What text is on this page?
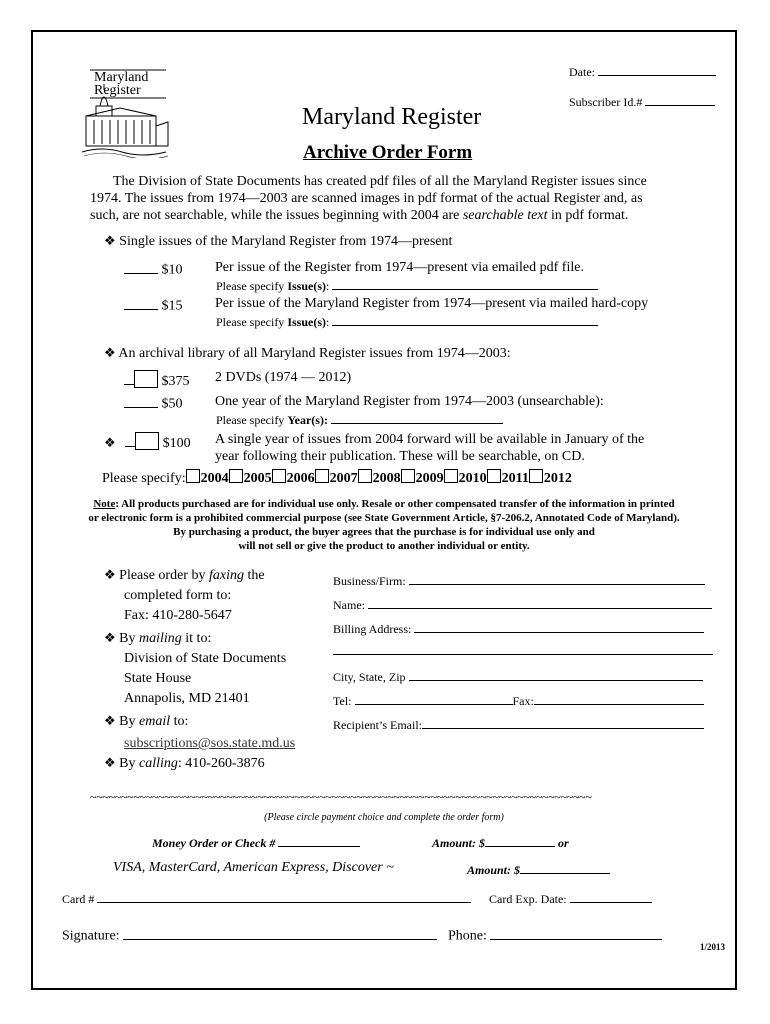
Maryland
Register
Date:
Subscriber Id.#
Maryland Register
Archive Order Form
The Division of State Documents has created pdf files of all the Maryland Register issues since
1974. The issues from 1974—2003 are scanned images in pdf format of the actual Register and, as
such, are not searchable, while the issues beginning with 2004 are searchable text in pdf format.
❖ Single issues of the Maryland Register from 1974—present
$10 Per issue of the Register from 1974—present via emailed pdf file.
Please specify Issue(s):
$15 Per issue of the Maryland Register from 1974—present via mailed hard-copy
Please specify Issue(s):
❖ An archival library of all Maryland Register issues from 1974—2003:
$375 2 DVDs (1974 — 2012)
$50 One year of the Maryland Register from 1974—2003 (unsearchable):
Please specify Year(s):
❖	$100 A single year of issues from 2004 forward will be available in January of the
year following their publication. These will be searchable, on CD.
Please specify: 2004 2005 2006 2007 2008 2009 2010 2011 2012
Note: All products purchased are for individual use only. Resale or other compensated transfer of the information in printed
or electronic form is a prohibited commercial purpose (see State Government Article, §7-206.2, Annotated Code of Maryland).
By purchasing a product, the buyer agrees that the purchase is for individual use only and
will not sell or give the product to another individual or entity.
❖ Please order by faxing the
completed form to:
Fax: 410-280-5647
❖ By mailing it to:
Division of State Documents
State House
Annapolis, MD 21401
❖ By email to:
subscriptions@sos.state.md.us
❖ By calling: 410-260-3876
Business/Firm:
Name:
Billing Address:
City, State, Zip
Tel:	Fax:
Recipient’s Email:
~~~~~~~~~~~~~~~~~~~~~~~~~~~~~~~~~~~~~~~~~~~~~~~~~~~~~~~~~~~~~~~~~~~~~~~~~~~~~~~~~
(Please circle payment choice and complete the order form)
Money Order or Check #	Amount: $	or
VISA, MasterCard, American Express, Discover ~	Amount: $
Card #	Card Exp. Date:
Signature:	Phone:
1/2013
